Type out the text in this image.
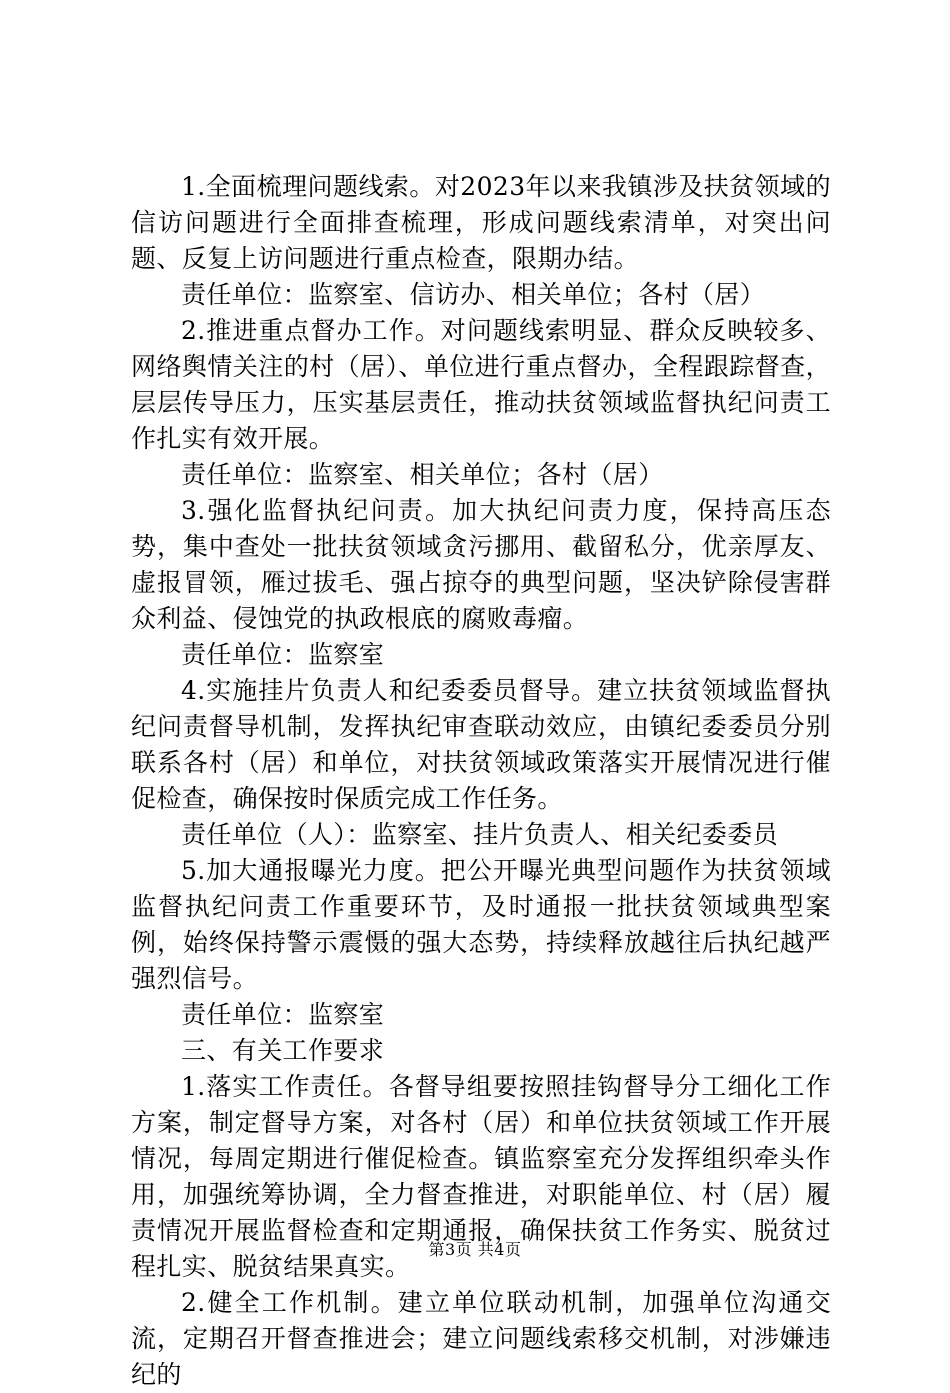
1.全面梳理问题线索。对2023年以来我镇涉及扶贫领域的信访问题进行全面排查梳理，形成问题线索清单，对突出问题、反复上访问题进行重点检查，限期办结。

责任单位：监察室、信访办、相关单位；各村（居）

2.推进重点督办工作。对问题线索明显、群众反映较多、网络舆情关注的村（居）、单位进行重点督办，全程跟踪督查，层层传导压力，压实基层责任，推动扶贫领域监督执纪问责工作扎实有效开展。

责任单位：监察室、相关单位；各村（居）

3.强化监督执纪问责。加大执纪问责力度，保持高压态势，集中查处一批扶贫领域贪污挪用、截留私分，优亲厚友、虚报冒领，雁过拔毛、强占掠夺的典型问题，坚决铲除侵害群众利益、侵蚀党的执政根底的腐败毒瘤。

责任单位：监察室

4.实施挂片负责人和纪委委员督导。建立扶贫领域监督执纪问责督导机制，发挥执纪审查联动效应，由镇纪委委员分别联系各村（居）和单位，对扶贫领域政策落实开展情况进行催促检查，确保按时保质完成工作任务。

责任单位（人）：监察室、挂片负责人、相关纪委委员

5.加大通报曝光力度。把公开曝光典型问题作为扶贫领域监督执纪问责工作重要环节，及时通报一批扶贫领域典型案例，始终保持警示震慑的强大态势，持续释放越往后执纪越严强烈信号。

责任单位：监察室

三、有关工作要求

1.落实工作责任。各督导组要按照挂钩督导分工细化工作方案，制定督导方案，对各村（居）和单位扶贫领域工作开展情况，每周定期进行催促检查。镇监察室充分发挥组织牵头作用，加强统筹协调，全力督查推进，对职能单位、村（居）履责情况开展监督检查和定期通报，确保扶贫工作务实、脱贫过程扎实、脱贫结果真实。

2.健全工作机制。建立单位联动机制，加强单位沟通交流，定期召开督查推进会；建立问题线索移交机制，对涉嫌违纪的

第3页 共4页
